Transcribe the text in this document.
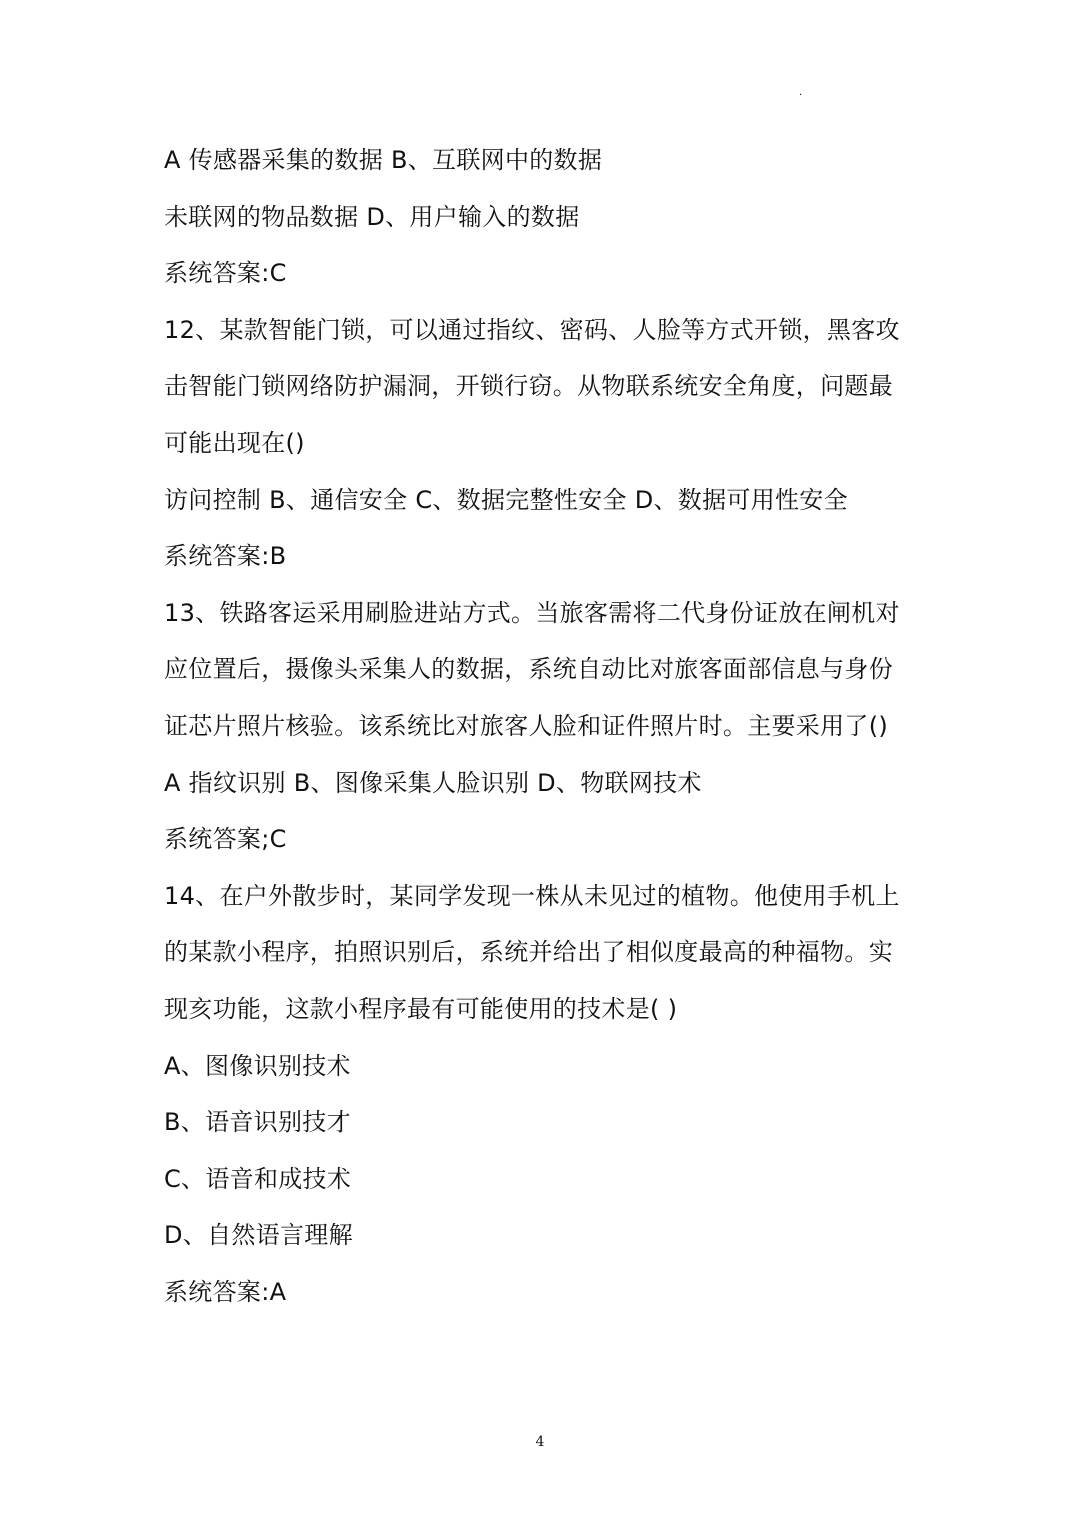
.
A 传感器采集的数据 B、互联网中的数据
未联网的物品数据 D、用户输入的数据
系统答案:C
12、某款智能门锁，可以通过指纹、密码、人脸等方式开锁，黑客攻
击智能门锁网络防护漏洞，开锁行窃。从物联系统安全角度，问题最
可能出现在()
访问控制 B、通信安全 C、数据完整性安全 D、数据可用性安全
系统答案:B
13、铁路客运采用刷脸进站方式。当旅客需将二代身份证放在闸机对
应位置后，摄像头采集人的数据，系统自动比对旅客面部信息与身份
证芯片照片核验。该系统比对旅客人脸和证件照片时。主要采用了()
A 指纹识别 B、图像采集人脸识别 D、物联网技术
系统答案;C
14、在户外散步时，某同学发现一株从未见过的植物。他使用手机上
的某款小程序，拍照识别后，系统并给出了相似度最高的种福物。实
现亥功能，这款小程序最有可能使用的技术是( )
A、图像识别技术
B、语音识别技才
C、语音和成技术
D、自然语言理解
系统答案:A
4
